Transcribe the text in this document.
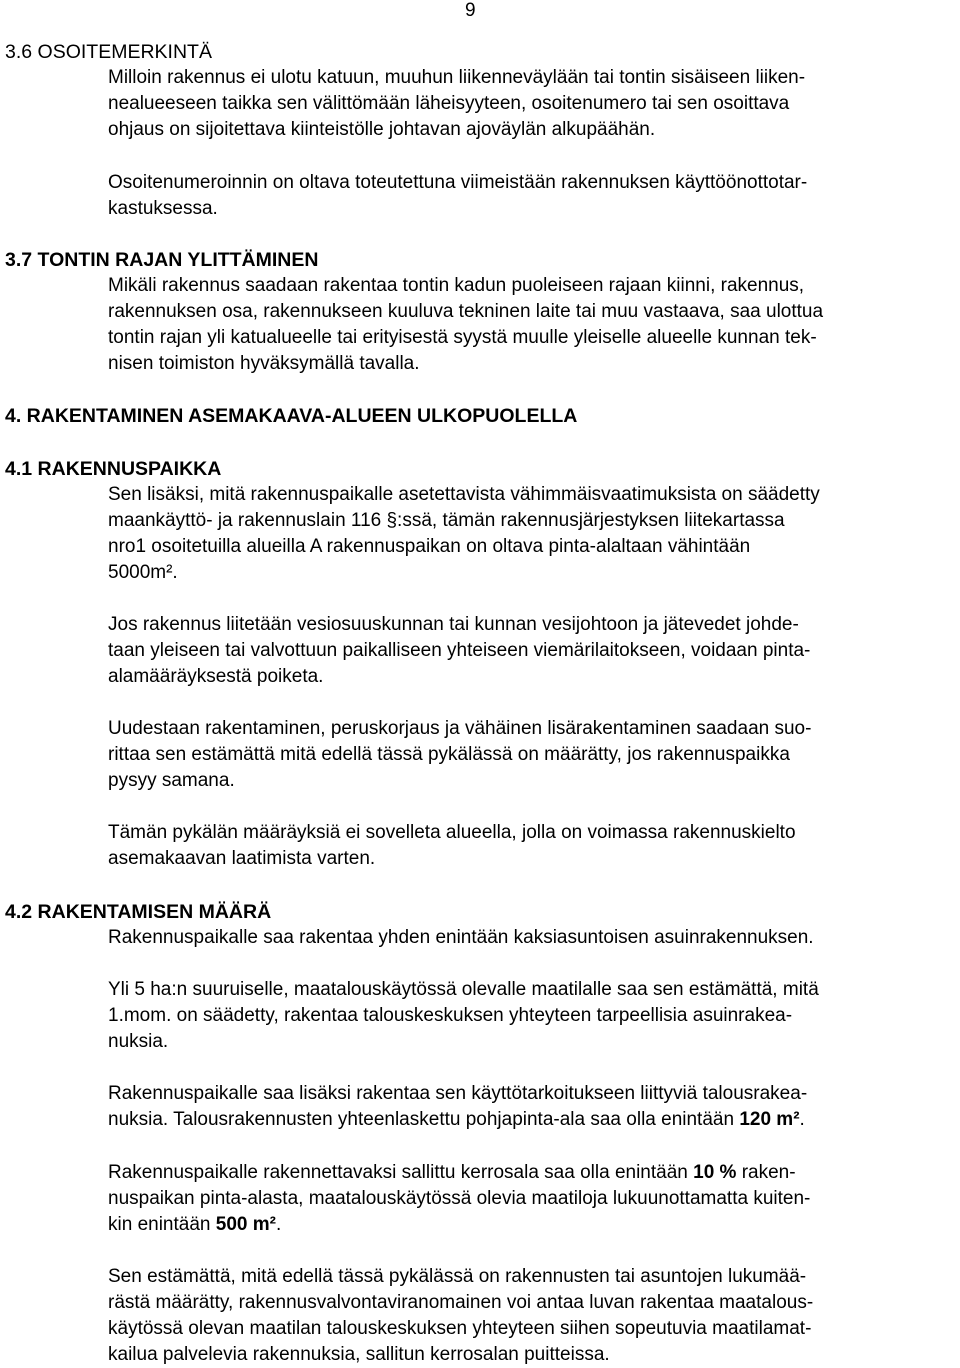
9
3.6 OSOITEMERKINTÄ
Milloin rakennus ei ulotu katuun, muuhun liikenneväylään tai tontin sisäiseen liiken-
nealueeseen taikka sen välittömään läheisyyteen, osoitenumero tai sen osoittava
ohjaus on sijoitettava kiinteistölle johtavan ajoväylän alkupäähän.
Osoitenumeroinnin on oltava toteutettuna viimeistään rakennuksen käyttöönottotar-
kastuksessa.
3.7 TONTIN RAJAN YLITTÄMINEN
Mikäli rakennus saadaan rakentaa tontin kadun puoleiseen rajaan kiinni, rakennus,
rakennuksen osa, rakennukseen kuuluva tekninen laite tai muu vastaava, saa ulottua
tontin rajan yli katualueelle tai erityisestä syystä muulle yleiselle alueelle kunnan tek-
nisen toimiston hyväksymällä tavalla.
4. RAKENTAMINEN ASEMAKAAVA-ALUEEN ULKOPUOLELLA
4.1 RAKENNUSPAIKKA
Sen lisäksi, mitä rakennuspaikalle asetettavista vähimmäisvaatimuksista on säädetty
maankäyttö- ja rakennuslain 116 §:ssä, tämän rakennusjärjestyksen liitekartassa
nro1 osoitetuilla alueilla A rakennuspaikan on oltava pinta-alaltaan vähintään
5000m².
Jos rakennus liitetään vesiosuuskunnan tai kunnan vesijohtoon ja jätevedet johde-
taan yleiseen tai valvottuun paikalliseen yhteiseen viemärilaitokseen, voidaan pinta-
alamääräyksestä poiketa.
Uudestaan rakentaminen, peruskorjaus ja vähäinen lisärakentaminen saadaan suo-
rittaa sen estämättä mitä edellä tässä pykälässä on määrätty, jos rakennuspaikka
pysyy samana.
Tämän pykälän määräyksiä ei sovelleta alueella, jolla on voimassa rakennuskielto
asemakaavan laatimista varten.
4.2 RAKENTAMISEN MÄÄRÄ
Rakennuspaikalle saa rakentaa yhden enintään kaksiasuntoisen asuinrakennuksen.
Yli 5 ha:n suuruiselle, maatalouskäytössä olevalle maatilalle saa sen estämättä, mitä
1.mom. on säädetty, rakentaa talouskeskuksen yhteyteen tarpeellisia asuinrakea-
nuksia.
Rakennuspaikalle saa lisäksi rakentaa sen käyttötarkoitukseen liittyviä talousrakea-
nuksia. Talousrakennusten yhteenlaskettu pohjapinta-ala saa olla enintään 120 m².
Rakennuspaikalle rakennettavaksi sallittu kerrosala saa olla enintään 10 % raken-
nuspaikan pinta-alasta, maatalouskäytössä olevia maatiloja lukuunottamatta kuiten-
kin enintään 500 m².
Sen estämättä, mitä edellä tässä pykälässä on rakennusten tai asuntojen lukumää-
rästä määrätty, rakennusvalvontaviranomainen voi antaa luvan rakentaa maatalous-
käytössä olevan maatilan talouskeskuksen yhteyteen siihen sopeutuvia maatilamat-
kailua palvelevia rakennuksia, sallitun kerrosalan puitteissa.
